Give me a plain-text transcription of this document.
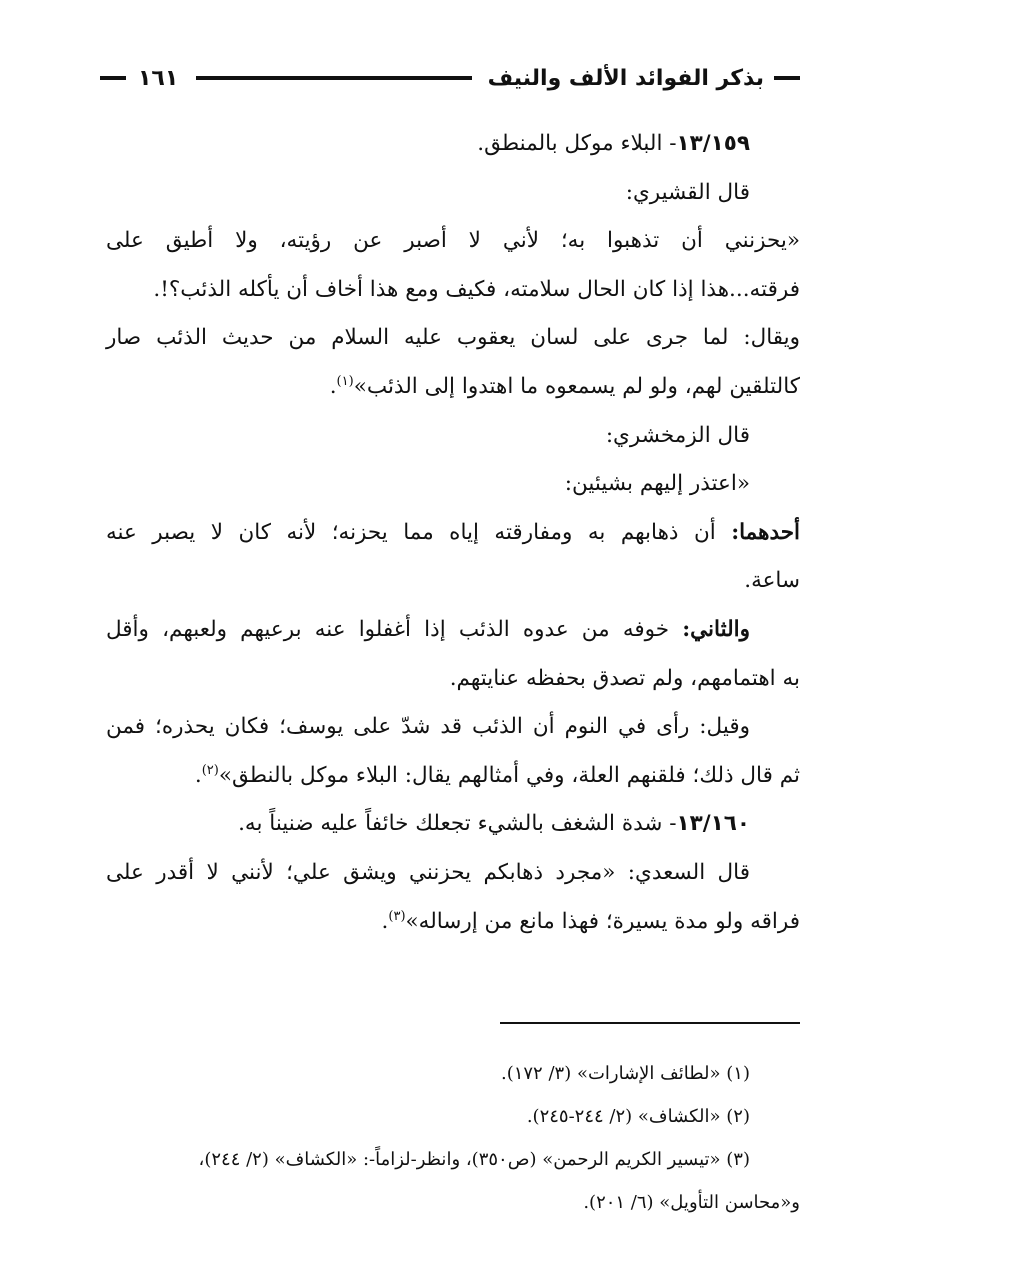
بذكر الفوائد الألف والنيف
١٦١

١٣/١٥٩- البلاء موكل بالمنطق.

قال القشيري:

«يحزنني أن تذهبوا به؛ لأني لا أصبر عن رؤيته، ولا أطيق على

فرقته...هذا إذا كان الحال سلامته، فكيف ومع هذا أخاف أن يأكله الذئب؟!.

ويقال: لما جرى على لسان يعقوب عليه السلام من حديث الذئب صار

كالتلقين لهم، ولو لم يسمعوه ما اهتدوا إلى الذئب»$^{(١)}$.

قال الزمخشري:

«اعتذر إليهم بشيئين:

أحدهما: أن ذهابهم به ومفارقته إياه مما يحزنه؛ لأنه كان لا يصبر عنه

ساعة.

والثاني: خوفه من عدوه الذئب إذا أغفلوا عنه برعيهم ولعبهم، وأقل

به اهتمامهم، ولم تصدق بحفظه عنايتهم.

وقيل: رأى في النوم أن الذئب قد شدّ على يوسف؛ فكان يحذره؛ فمن

ثم قال ذلك؛ فلقنهم العلة، وفي أمثالهم يقال: البلاء موكل بالنطق»$^{(٢)}$.

١٣/١٦٠- شدة الشغف بالشيء تجعلك خائفاً عليه ضنيناً به.

قال السعدي: «مجرد ذهابكم يحزنني ويشق علي؛ لأنني لا أقدر على

فراقه ولو مدة يسيرة؛ فهذا مانع من إرساله»$^{(٣)}$.

(١) «لطائف الإشارات» (٣/ ١٧٢).

(٢) «الكشاف» (٢/ ٢٤٤-٢٤٥).

(٣) «تيسير الكريم الرحمن» (ص٣٥٠)، وانظر-لزاماً-: «الكشاف» (٢/ ٢٤٤)،

و«محاسن التأويل» (٦/ ٢٠١).
